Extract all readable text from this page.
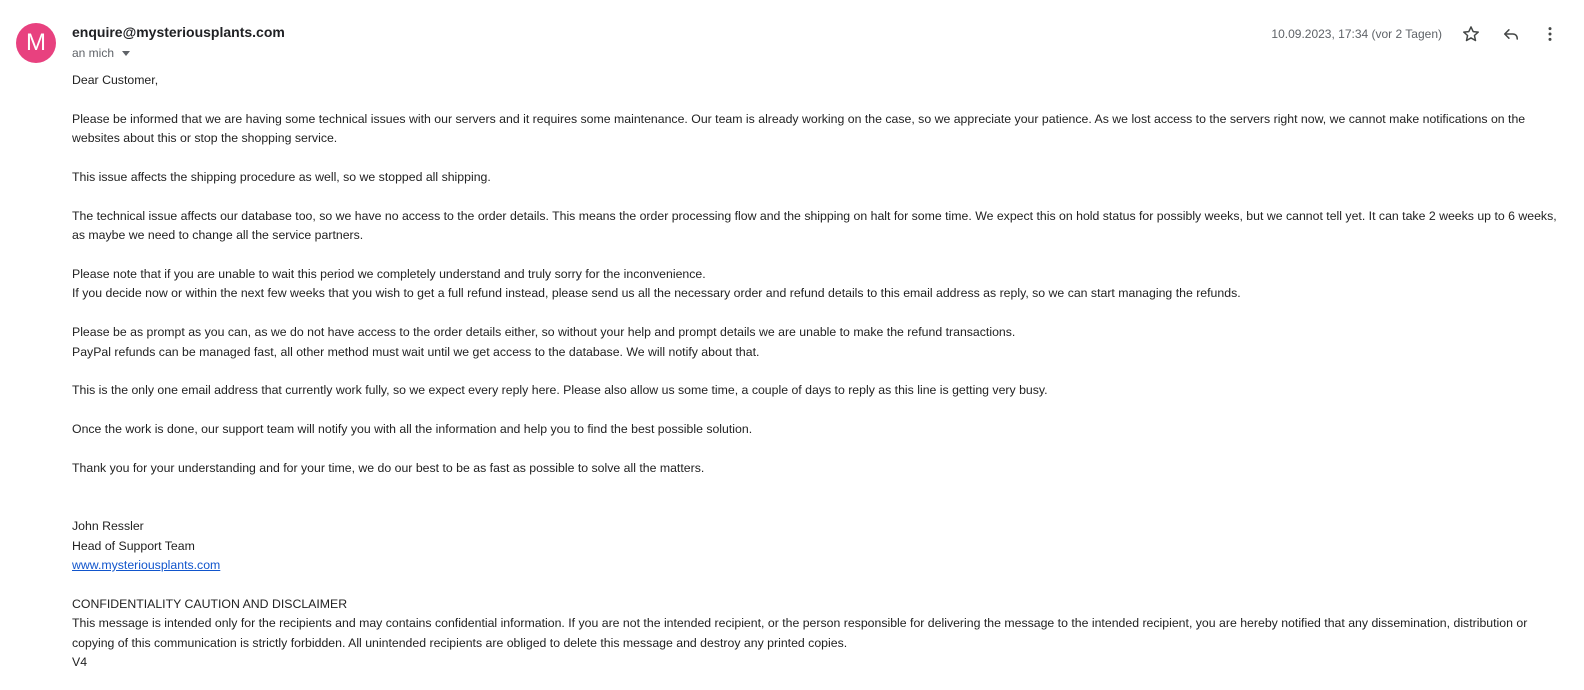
M	enquire@mysteriousplants.com
an mich
10.09.2023, 17:34 (vor 2 Tagen)

Dear Customer,

Please be informed that we are having some technical issues with our servers and it requires some maintenance. Our team is already working on the case, so we appreciate your patience. As we lost access to the servers right now, we cannot make notifications on the websites about this or stop the shopping service.

This issue affects the shipping procedure as well, so we stopped all shipping.

The technical issue affects our database too, so we have no access to the order details. This means the order processing flow and the shipping on halt for some time. We expect this on hold status for possibly weeks, but we cannot tell yet. It can take 2 weeks up to 6 weeks, as maybe we need to change all the service partners.

Please note that if you are unable to wait this period we completely understand and truly sorry for the inconvenience.

If you decide now or within the next few weeks that you wish to get a full refund instead, please send us all the necessary order and refund details to this email address as reply, so we can start managing the refunds.

Please be as prompt as you can, as we do not have access to the order details either, so without your help and prompt details we are unable to make the refund transactions.

PayPal refunds can be managed fast, all other method must wait until we get access to the database. We will notify about that.

This is the only one email address that currently work fully, so we expect every reply here. Please also allow us some time, a couple of days to reply as this line is getting very busy.

Once the work is done, our support team will notify you with all the information and help you to find the best possible solution.

Thank you for your understanding and for your time, we do our best to be as fast as possible to solve all the matters.

John Ressler

Head of Support Team

www.mysteriousplants.com

CONFIDENTIALITY CAUTION AND DISCLAIMER

This message is intended only for the recipients and may contains confidential information. If you are not the intended recipient, or the person responsible for delivering the message to the intended recipient, you are hereby notified that any dissemination, distribution or copying of this communication is strictly forbidden. All unintended recipients are obliged to delete this message and destroy any printed copies.

V4
